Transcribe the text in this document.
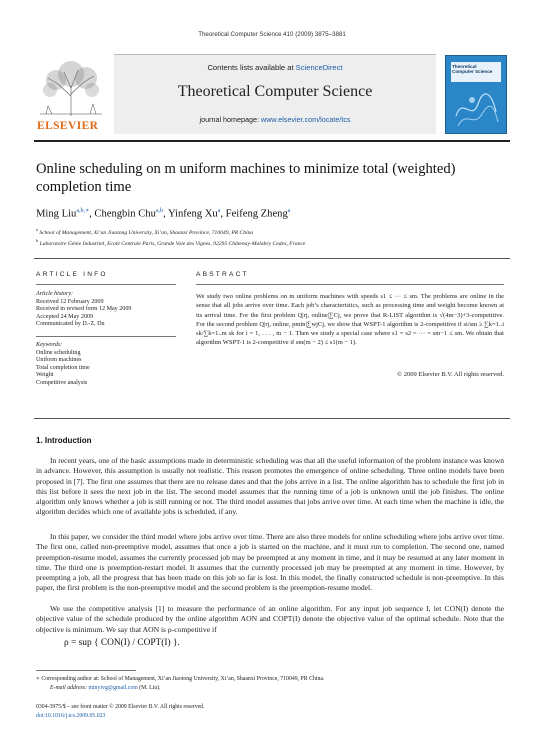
Theoretical Computer Science 410 (2009) 3875–3881
ELSEVIER
Contents lists available at ScienceDirect
Theoretical Computer Science
journal homepage: www.elsevier.com/locate/tcs
Theoretical
Computer Science
Online scheduling on m uniform machines to minimize total (weighted)
completion time
Ming Liu$^{a,b,∗}$, Chengbin Chu$^{a,b}$, Yinfeng Xu$^a$, Feifeng Zheng$^a$
$^a$ School of Management, Xi’an Jiaotong University, Xi’an, Shaanxi Province, 710049, PR China
$^b$ Laboratoire Génie Industriel, Ecole Centrale Paris, Grande Voie des Vignes, 92295 Châtenay-Malabry Cedex, France
ARTICLE INFO	ABSTRACT
Article history:
Received 12 February 2009
Received in revised form 12 May 2009
Accepted 24 May 2009
Communicated by D.-Z. Du
Keywords:
Online scheduling
Uniform machines
Total completion time
Weight
Competitive analysis
We study two online problems on m uniform machines with speeds s1 ≤ ··· ≤ sm. The problems are online in the sense that all jobs arrive over time. Each job’s characteristics, such as processing time and weight become known at its arrival time. For the first problem Q|rj, online|∑Cj, we prove that R-LIST algorithm is √(4m−3)+3-competitive. For the second problem Q|rj, online, pmtn|∑wjCj, we show that WSPT-1 algorithm is 2-competitive if si/sm ≥ ∑k=1..i sk/∑k=1..m sk for i = 1, . . . , m − 1. Then we study a special case where s1 = s2 = ··· = sm−1 ≤ sm. We obtain that algorithm WSPT-1 is 2-competitive if sm(m − 2) ≤ s1(m − 1).
© 2009 Elsevier B.V. All rights reserved.
1. Introduction
In recent years, one of the basic assumptions made in deterministic scheduling was that all the useful information of the problem instance was known in advance. However, this assumption is usually not realistic. This reason promotes the emergence of online scheduling. Three online models have been proposed in [7]. The first one assumes that there are no release dates and that the jobs arrive in a list. The online algorithm has to schedule the first job in this list before it sees the next job in the list. The second model assumes that the running time of a job is unknown until the job finishes. The online algorithm only knows whether a job is still running or not. The third model assumes that jobs arrive over time. At each time when the machine is idle, the algorithm decides which one of available jobs is scheduled, if any.
In this paper, we consider the third model where jobs arrive over time. There are also three models for online scheduling where jobs arrive over time. The first one, called non-preemptive model, assumes that once a job is started on the machine, and it must run to completion. The second one, named preemption-resume model, assumes the currently processed job may be preempted at any moment in time, and it may be resumed at any later moment in time. The third one is preemption-restart model. It assumes that the currently processed job may be preempted at any moment in time. However, by preempting a job, all the progress that has been made on this job so far is lost. In this model, the finally constructed schedule is non-preemptive. In this paper, the first problem is the non-preemptive model and the second problem is the preemption-resume model.
We use the competitive analysis [1] to measure the performance of an online algorithm. For any input job sequence I, let CON(I) denote the objective value of the schedule produced by the online algorithm AON and COPT(I) denote the objective value of the optimal schedule. Note that the objective is minimum. We say that AON is ρ-competitive if
ρ = sup { CON(I) / COPT(I) }.
∗ Corresponding author at: School of Management, Xi’an Jiaotong University, Xi’an, Shaanxi Province, 710049, PR China.
E-mail address: minyivg@gmail.com (M. Liu).
0304-3975/$ – see front matter © 2009 Elsevier B.V. All rights reserved.
doi:10.1016/j.tcs.2009.05.023
